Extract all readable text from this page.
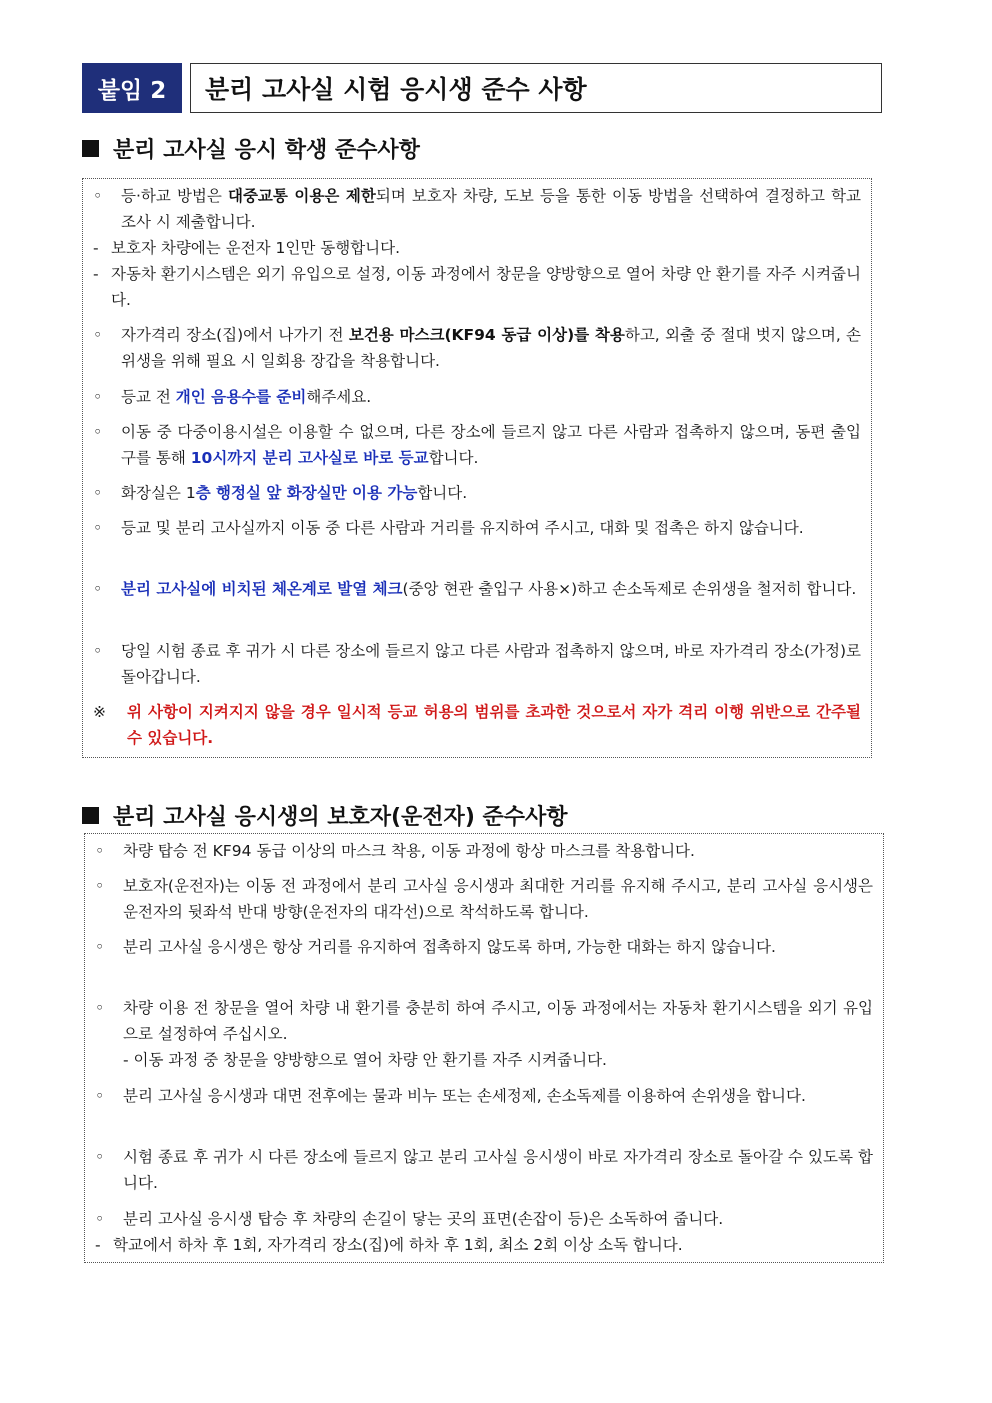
붙임 2	분리 고사실 시험 응시생 준수 사항
분리 고사실 응시 학생 준수사항
◦ 등·하교 방법은 대중교통 이용은 제한되며 보호자 차량, 도보 등을 통한 이동 방법을 선택하여 결정하고 학교 조사 시 제출합니다.
- 보호자 차량에는 운전자 1인만 동행합니다.
- 자동차 환기시스템은 외기 유입으로 설정, 이동 과정에서 창문을 양방향으로 열어 차량 안 환기를 자주 시켜줍니다.
◦ 자가격리 장소(집)에서 나가기 전 보건용 마스크(KF94 동급 이상)를 착용하고, 외출 중 절대 벗지 않으며, 손위생을 위해 필요 시 일회용 장갑을 착용합니다.
◦ 등교 전 개인 음용수를 준비해주세요.
◦ 이동 중 다중이용시설은 이용할 수 없으며, 다른 장소에 들르지 않고 다른 사람과 접촉하지 않으며, 동편 출입구를 통해 10시까지 분리 고사실로 바로 등교합니다.
◦ 화장실은 1층 행정실 앞 화장실만 이용 가능합니다.
◦ 등교 및 분리 고사실까지 이동 중 다른 사람과 거리를 유지하여 주시고, 대화 및 접촉은 하지 않습니다.
◦ 분리 고사실에 비치된 체온계로 발열 체크(중앙 현관 출입구 사용×)하고 손소독제로 손위생을 철저히 합니다.
◦ 당일 시험 종료 후 귀가 시 다른 장소에 들르지 않고 다른 사람과 접촉하지 않으며, 바로 자가격리 장소(가정)로 돌아갑니다.
※ 위 사항이 지켜지지 않을 경우 일시적 등교 허용의 범위를 초과한 것으로서 자가 격리 이행 위반으로 간주될 수 있습니다.
분리 고사실 응시생의 보호자(운전자) 준수사항
◦ 차량 탑승 전 KF94 동급 이상의 마스크 착용, 이동 과정에 항상 마스크를 착용합니다.
◦ 보호자(운전자)는 이동 전 과정에서 분리 고사실 응시생과 최대한 거리를 유지해 주시고, 분리 고사실 응시생은 운전자의 뒷좌석 반대 방향(운전자의 대각선)으로 착석하도록 합니다.
◦ 분리 고사실 응시생은 항상 거리를 유지하여 접촉하지 않도록 하며, 가능한 대화는 하지 않습니다.
◦ 차량 이용 전 창문을 열어 차량 내 환기를 충분히 하여 주시고, 이동 과정에서는 자동차 환기시스템을 외기 유입으로 설정하여 주십시오.
- 이동 과정 중 창문을 양방향으로 열어 차량 안 환기를 자주 시켜줍니다.
◦ 분리 고사실 응시생과 대면 전후에는 물과 비누 또는 손세정제, 손소독제를 이용하여 손위생을 합니다.
◦ 시험 종료 후 귀가 시 다른 장소에 들르지 않고 분리 고사실 응시생이 바로 자가격리 장소로 돌아갈 수 있도록 합니다.
◦ 분리 고사실 응시생 탑승 후 차량의 손길이 닿는 곳의 표면(손잡이 등)은 소독하여 줍니다.
- 학교에서 하차 후 1회, 자가격리 장소(집)에 하차 후 1회, 최소 2회 이상 소독 합니다.
